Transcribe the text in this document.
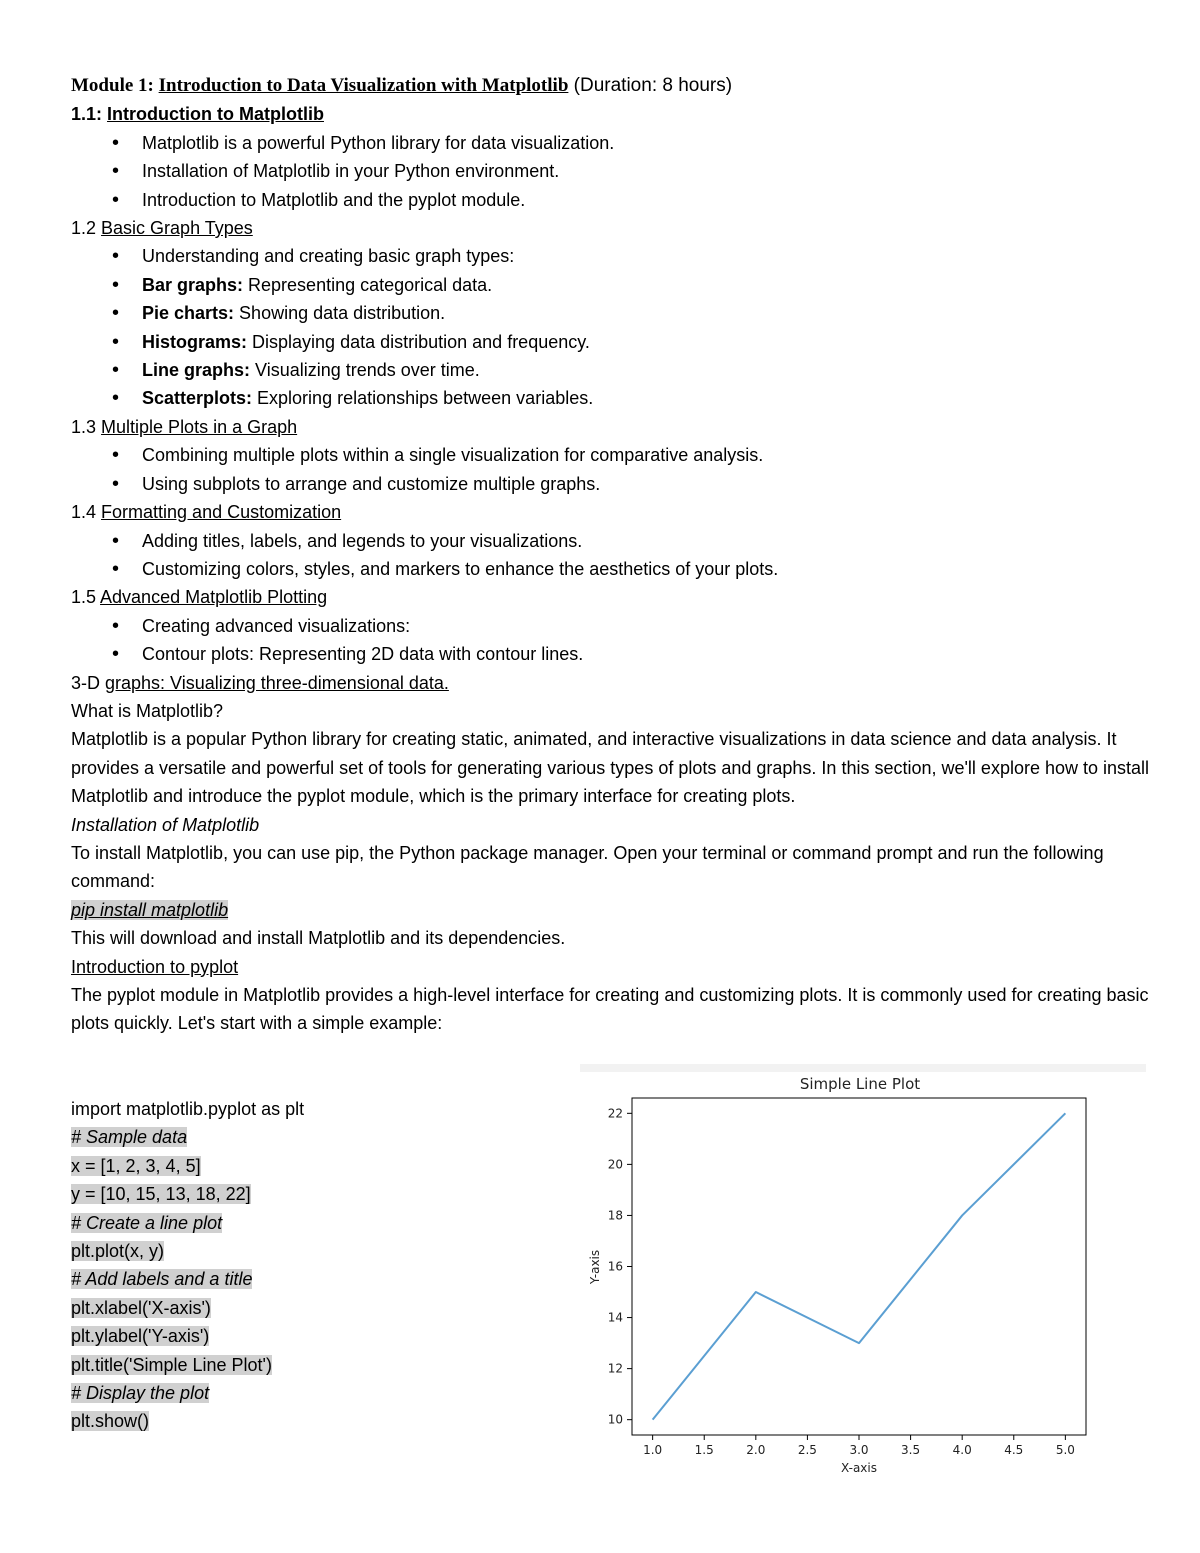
Module 1: Introduction to Data Visualization with Matplotlib (Duration: 8 hours)

1.1: Introduction to Matplotlib

• Matplotlib is a powerful Python library for data visualization.
• Installation of Matplotlib in your Python environment.
• Introduction to Matplotlib and the pyplot module.

1.2 Basic Graph Types

• Understanding and creating basic graph types:
• Bar graphs: Representing categorical data.
• Pie charts: Showing data distribution.
• Histograms: Displaying data distribution and frequency.
• Line graphs: Visualizing trends over time.
• Scatterplots: Exploring relationships between variables.

1.3 Multiple Plots in a Graph

• Combining multiple plots within a single visualization for comparative analysis.
• Using subplots to arrange and customize multiple graphs.

1.4 Formatting and Customization

• Adding titles, labels, and legends to your visualizations.
• Customizing colors, styles, and markers to enhance the aesthetics of your plots.

1.5 Advanced Matplotlib Plotting

• Creating advanced visualizations:
• Contour plots: Representing 2D data with contour lines.

3-D graphs: Visualizing three-dimensional data.

What is Matplotlib?

Matplotlib is a popular Python library for creating static, animated, and interactive visualizations in data science and data analysis. It provides a versatile and powerful set of tools for generating various types of plots and graphs. In this section, we'll explore how to install Matplotlib and introduce the pyplot module, which is the primary interface for creating plots.

Installation of Matplotlib

To install Matplotlib, you can use pip, the Python package manager. Open your terminal or command prompt and run the following command:

pip install matplotlib

This will download and install Matplotlib and its dependencies.

Introduction to pyplot

The pyplot module in Matplotlib provides a high-level interface for creating and customizing plots. It is commonly used for creating basic plots quickly. Let's start with a simple example:

import matplotlib.pyplot as plt

# Sample data

x = [1, 2, 3, 4, 5]

y = [10, 15, 13, 18, 22]

# Create a line plot

plt.plot(x, y)

# Add labels and a title

plt.xlabel('X-axis')

plt.ylabel('Y-axis')

plt.title('Simple Line Plot')

# Display the plot

plt.show()

Simple Line Plot
1.0	1.5	2.0	2.5	3.0	3.5	4.0	4.5	5.0
10
12
14
16
18
20
22
X-axis
Y-axis
